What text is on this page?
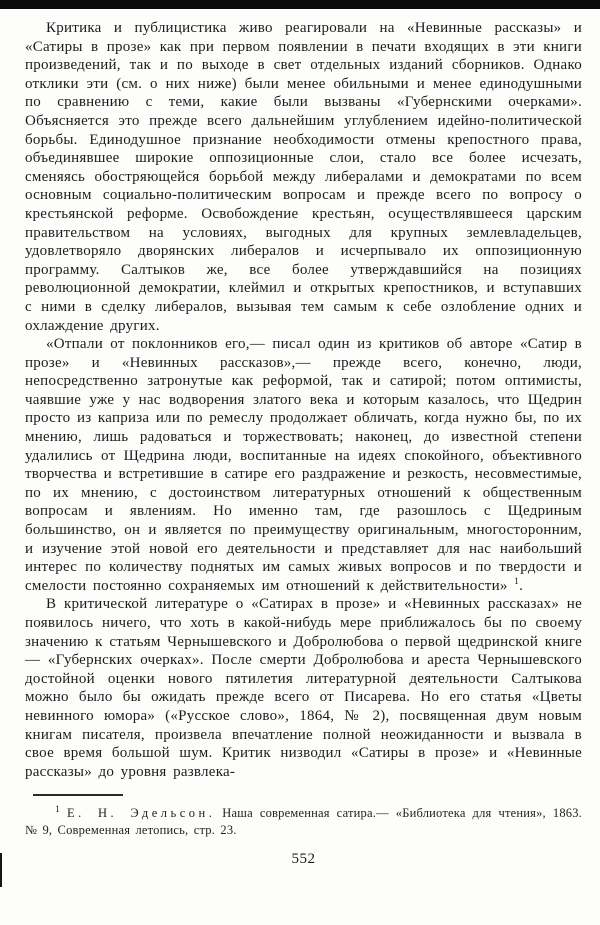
Критика и публицистика живо реагировали на «Невинные рассказы» и «Сатиры в прозе» как при первом появлении в печати входящих в эти книги произведений, так и по выходе в свет отдельных изданий сборников. Однако отклики эти (см. о них ниже) были менее обильными и менее единодушными по сравнению с теми, какие были вызваны «Губернскими очерками». Объясняется это прежде всего дальнейшим углублением идейно-политической борьбы. Единодушное признание необходимости отмены крепостного права, объединявшее широкие оппозиционные слои, стало все более исчезать, сменяясь обостряющейся борьбой между либералами и демократами по всем основным социально-политическим вопросам и прежде всего по вопросу о крестьянской реформе. Освобождение крестьян, осуществлявшееся царским правительством на условиях, выгодных для крупных землевладельцев, удовлетворяло дворянских либералов и исчерпывало их оппозиционную программу. Салтыков же, все более утверждавшийся на позициях революционной демократии, клеймил и открытых крепостников, и вступавших с ними в сделку либералов, вызывая тем самым к себе озлобление одних и охлаждение других.

«Отпали от поклонников его,— писал один из критиков об авторе «Сатир в прозе» и «Невинных рассказов»,— прежде всего, конечно, люди, непосредственно затронутые как реформой, так и сатирой; потом оптимисты, чаявшие уже у нас водворения златого века и которым казалось, что Щедрин просто из каприза или по ремеслу продолжает обличать, когда нужно бы, по их мнению, лишь радоваться и торжествовать; наконец, до известной степени удалились от Щедрина люди, воспитанные на идеях спокойного, объективного творчества и встретившие в сатире его раздражение и резкость, несовместимые, по их мнению, с достоинством литературных отношений к общественным вопросам и явлениям. Но именно там, где разошлось с Щедриным большинство, он и является по преимуществу оригинальным, многосторонним, и изучение этой новой его деятельности и представляет для нас наибольший интерес по количеству поднятых им самых живых вопросов и по твердости и смелости постоянно сохраняемых им отношений к действительности» $^1$.

В критической литературе о «Сатирах в прозе» и «Невинных рассказах» не появилось ничего, что хоть в какой-нибудь мере приближалось бы по своему значению к статьям Чернышевского и Добролюбова о первой щедринской книге — «Губернских очерках». После смерти Добролюбова и ареста Чернышевского достойной оценки нового пятилетия литературной деятельности Салтыкова можно было бы ожидать прежде всего от Писарева. Но его статья «Цветы невинного юмора» («Русское слово», 1864, № 2), посвященная двум новым книгам писателя, произвела впечатление полной неожиданности и вызвала в свое время большой шум. Критик низводил «Сатиры в прозе» и «Невинные рассказы» до уровня развлека-

$^1$ Е. Н. Эдельсон. Наша современная сатира.— «Библиотека для чтения», 1863. № 9, Современная летопись, стр. 23.

552
